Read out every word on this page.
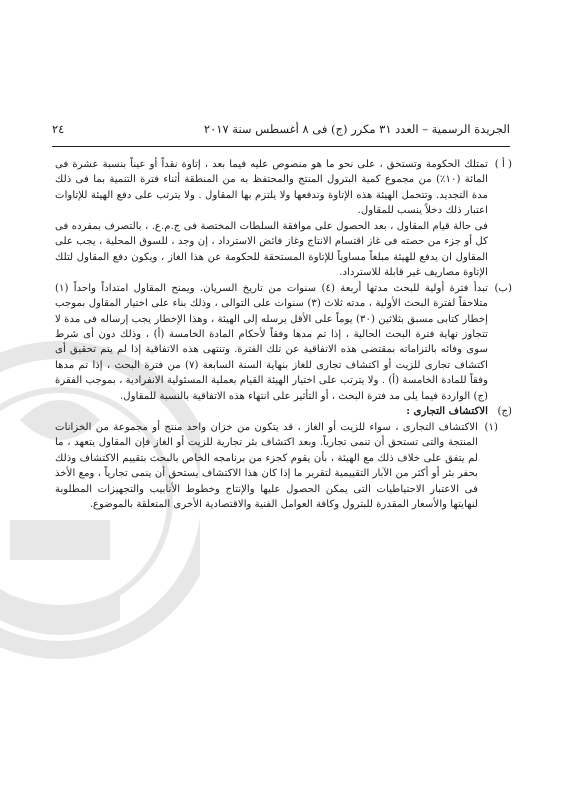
٢٤	الجريدة الرسمية – العدد ٣١ مكرر (ج) فى ٨ أغسطس سنة ٢٠١٧
( أ )

تمتلك الحكومة وتستحق ، على نحو ما هو منصوص عليه فيما بعد ، إتاوة نقداً أو عيناً بنسبة عشرة فى المائة (١٠٪) من مجموع كمية البترول المنتج والمحتفظ به من المنطقة أثناء فترة التنمية بما فى ذلك مدة التجديد. وتتحمل الهيئة هذه الإتاوة وتدفعها ولا يلتزم بها المقاول . ولا يترتب على دفع الهيئة للإتاوات اعتبار ذلك دخلاً ينسب للمقاول.

فى حالة قيام المقاول ، بعد الحصول على موافقة السلطات المختصة فى ج.م.ع. ، بالتصرف بمفرده فى كل أو جزء من حصته فى غاز اقتسام الانتاج وغاز فائض الاسترداد ، إن وجد ، للسوق المحلية ، يجب على المقاول ان يدفع للهيئة مبلغاً مساوياً للإتاوة المستحقة للحكومة عن هذا الغاز ، ويكون دفع المقاول لتلك الإتاوة مصاريف غير قابلة للاسترداد.

(ب)

تبدأ فترة أولية للبحث مدتها أربعة (٤) سنوات من تاريخ السريان. ويمنح المقاول امتداداً واحداً (١) متلاحقاً لفترة البحث الأولية ، مدته ثلاث (٣) سنوات على التوالى ، وذلك بناء على اختيار المقاول بموجب إخطار كتابى مسبق بثلاثين (٣٠) يوماً على الأقل يرسله إلى الهيئة ، وهذا الإخطار يجب إرساله فى مدة لا تتجاوز نهاية فترة البحث الحالية ، إذا تم مدها وفقاً لأحكام المادة الخامسة (أ) ، وذلك دون أى شرط سوى وفائه بالتزاماته بمقتضى هذه الاتفاقية عن تلك الفترة. وتنتهى هذه الاتفاقية إذا لم يتم تحقيق أى اكتشاف تجارى للزيت أو اكتشاف تجارى للغاز بنهاية السنة السابعة (٧) من فترة البحث ، إذا تم مدها وفقاً للمادة الخامسة (أ) . ولا يترتب على اختيار الهيئة القيام بعملية المسئولية الانفرادية ، بموجب الفقرة (ج) الواردة فيما يلى مد فترة البحث ، أو التأثير على انتهاء هذه الاتفاقية بالنسبة للمقاول.

(ج)

الاكتشاف التجارى :

(١)

الاكتشاف التجارى ، سواء للزيت أو الغاز ، قد يتكون من خزان واحد منتج أو مجموعة من الخزانات المنتجة والتى تستحق أن تنمى تجارياً. وبعد اكتشاف بئر تجارية للزيت أو الغاز فإن المقاول يتعهد ، ما لم يتفق على خلاف ذلك مع الهيئة ، بأن يقوم كجزء من برنامجه الخاص بالبحث بتقييم الاكتشاف وذلك بحفر بئر أو أكثر من الآبار التقييمية لتقرير ما إذا كان هذا الاكتشاف يستحق أن ينمى تجارياً ، ومع الأخذ فى الاعتبار الاحتياطيات التى يمكن الحصول عليها والإنتاج وخطوط الأنابيب والتجهيزات المطلوبة لنهايتها والأسعار المقدرة للبترول وكافة العوامل الفنية والاقتصادية الأخرى المتعلقة بالموضوع.
